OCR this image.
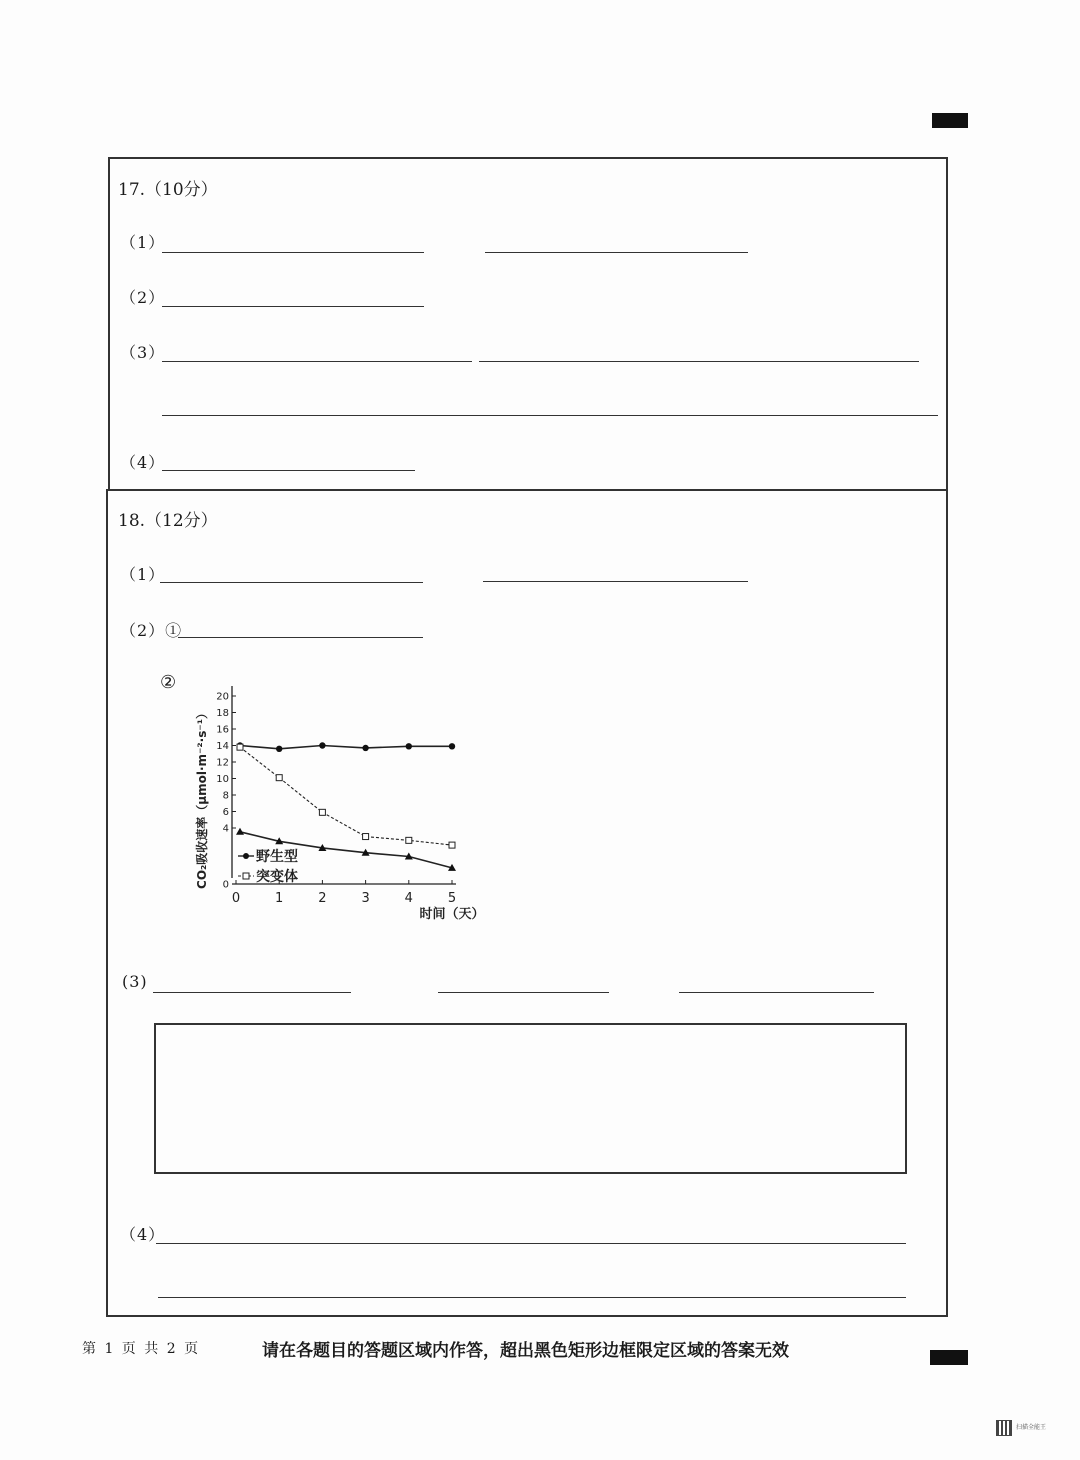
17.（10分）
（1）
（2）
（3）
（4）
18.（12分）
（1）
（2）①
②
0
4
6
8
10
12
14
16
18
20
0	1	2	3	4	5
时间（天）
CO₂吸收速率（μmol·m⁻²·s⁻¹）	野生型
突变体
(3)
（4）
第 1 页 共 2 页	请在各题目的答题区域内作答，超出黑色矩形边框限定区域的答案无效
扫描全能王
